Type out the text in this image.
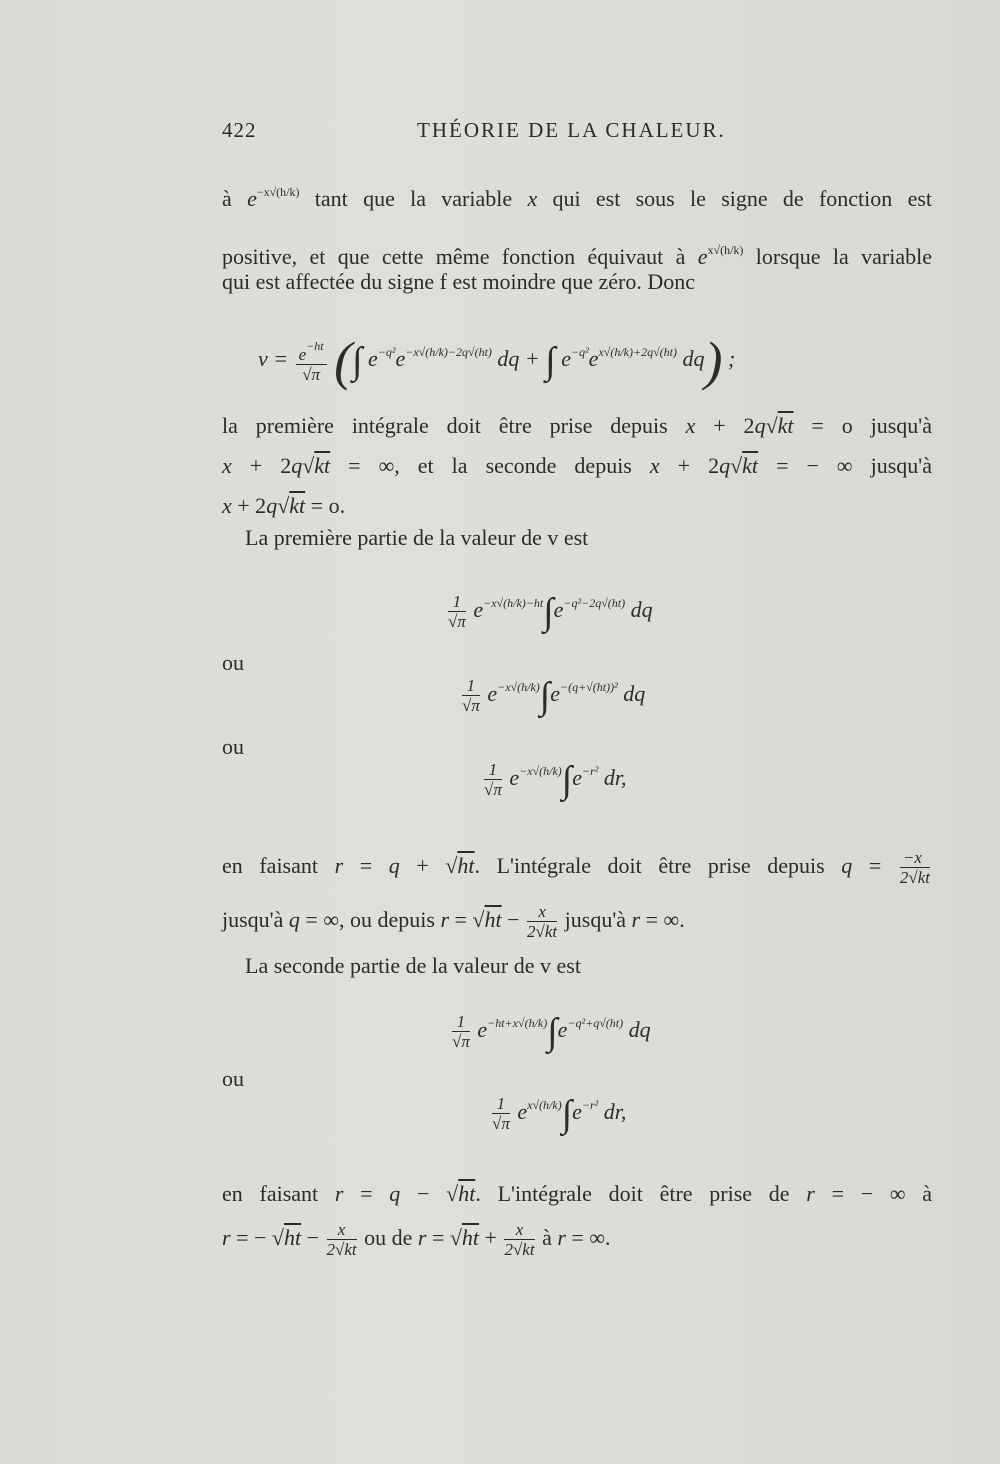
422	THÉORIE DE LA CHALEUR.
à $e^{-x√(h/k)}$ tant que la variable x qui est sous le signe de fonction est
positive, et que cette même fonction équivaut à $e^{x√(h/k)}$ lorsque la variable
qui est affectée du signe f est moindre que zéro. Donc
$v = \frac{e^{-ht}}{√\pi}$ (∫ $e^{-q^2}e^{-x√(h/k)-2q√(ht)}$ dq + ∫ $e^{-q^2}e^{x√(h/k)+2q√(ht)}$ dq) ;
la première intégrale doit être prise depuis x + 2q√kt = o jusqu'à
x + 2q√kt = ∞, et la seconde depuis x + 2q√kt = − ∞ jusqu'à
x + 2q√kt = o.
La première partie de la valeur de v est
$\frac{1}{√\pi} e^{-x√(h/k)-ht}\int e^{-q^2-2q√(ht)}$ dq
ou
$\frac{1}{√\pi} e^{-x√(h/k)}\int e^{-(q+√(ht))^2}$ dq
ou
$\frac{1}{√\pi} e^{-x√(h/k)}\int e^{-r^2}$ dr,
en faisant r = q + √ht. L'intégrale doit être prise depuis $q = \frac{-x}{2√kt}$
jusqu'à q = ∞, ou depuis $r = √ht - \frac{x}{2√kt}$ jusqu'à r = ∞.
La seconde partie de la valeur de v est
$\frac{1}{√\pi} e^{-ht+x√(h/k)}\int e^{-q^2+q√(ht)}$ dq
ou
$\frac{1}{√\pi} e^{x√(h/k)}\int e^{-r^2}$ dr,
en faisant r = q − √ht. L'intégrale doit être prise de r = − ∞ à
r = − $√ht - \frac{x}{2√kt}$ ou de $r = √ht + \frac{x}{2√kt}$ à r = ∞.
